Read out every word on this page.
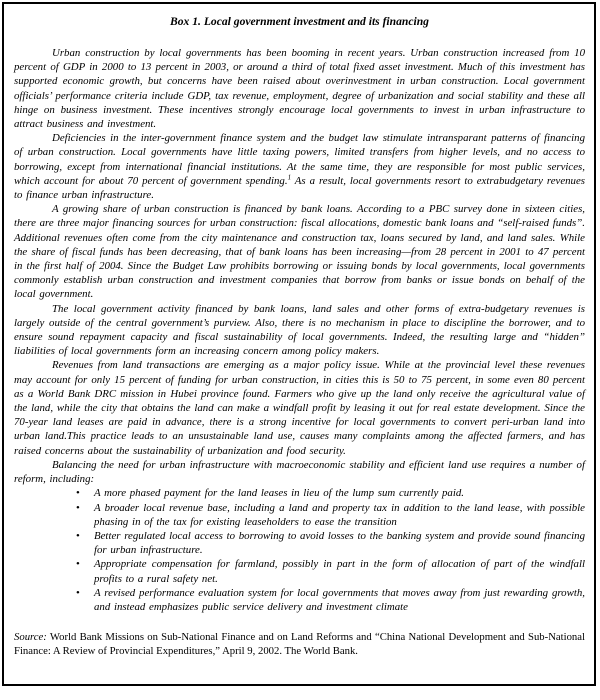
Box 1. Local government investment and its financing

Urban construction by local governments has been booming in recent years. Urban construction increased from 10 percent of GDP in 2000 to 13 percent in 2003, or around a third of total fixed asset investment. Much of this investment has supported economic growth, but concerns have been raised about overinvestment in urban construction. Local government officials’ performance criteria include GDP, tax revenue, employment, degree of urbanization and social stability and these all hinge on business investment. These incentives strongly encourage local governments to invest in urban infrastructure to attract business and investment.

Deficiencies in the inter-government finance system and the budget law stimulate intransparant patterns of financing of urban construction. Local governments have little taxing powers, limited transfers from higher levels, and no access to borrowing, except from international financial institutions. At the same time, they are responsible for most public services, which account for about 70 percent of government spending.$^1$ As a result, local governments resort to extrabudgetary revenues to finance urban infrastructure.

A growing share of urban construction is financed by bank loans. According to a PBC survey done in sixteen cities, there are three major financing sources for urban construction: fiscal allocations, domestic bank loans and “self-raised funds”. Additional revenues often come from the city maintenance and construction tax, loans secured by land, and land sales. While the share of fiscal funds has been decreasing, that of bank loans has been increasing—from 28 percent in 2001 to 47 percent in the first half of 2004. Since the Budget Law prohibits borrowing or issuing bonds by local governments, local governments commonly establish urban construction and investment companies that borrow from banks or issue bonds on behalf of the local government.

The local government activity financed by bank loans, land sales and other forms of extra-budgetary revenues is largely outside of the central government’s purview. Also, there is no mechanism in place to discipline the borrower, and to ensure sound repayment capacity and fiscal sustainability of local governments. Indeed, the resulting large and “hidden” liabilities of local governments form an increasing concern among policy makers.

Revenues from land transactions are emerging as a major policy issue. While at the provincial level these revenues may account for only 15 percent of funding for urban construction, in cities this is 50 to 75 percent, in some even 80 percent as a World Bank DRC mission in Hubei province found. Farmers who give up the land only receive the agricultural value of the land, while the city that obtains the land can make a windfall profit by leasing it out for real estate development. Since the 70-year land leases are paid in advance, there is a strong incentive for local governments to convert peri-urban land into urban land.This practice leads to an unsustainable land use, causes many complaints among the affected farmers, and has raised concerns about the sustainability of urbanization and food security.

Balancing the need for urban infrastructure with macroeconomic stability and efficient land use requires a number of reform, including:

• A more phased payment for the land leases in lieu of the lump sum currently paid.
• A broader local revenue base, including a land and property tax in addition to the land lease, with possible phasing in of the tax for existing leaseholders to ease the transition
• Better regulated local access to borrowing to avoid losses to the banking system and provide sound financing for urban infrastructure.
• Appropriate compensation for farmland, possibly in part in the form of allocation of part of the windfall profits to a rural safety net.
• A revised performance evaluation system for local governments that moves away from just rewarding growth, and instead emphasizes public service delivery and investment climate

Source: World Bank Missions on Sub-National Finance and on Land Reforms and “China National Development and Sub-National Finance: A Review of Provincial Expenditures,” April 9, 2002. The World Bank.
